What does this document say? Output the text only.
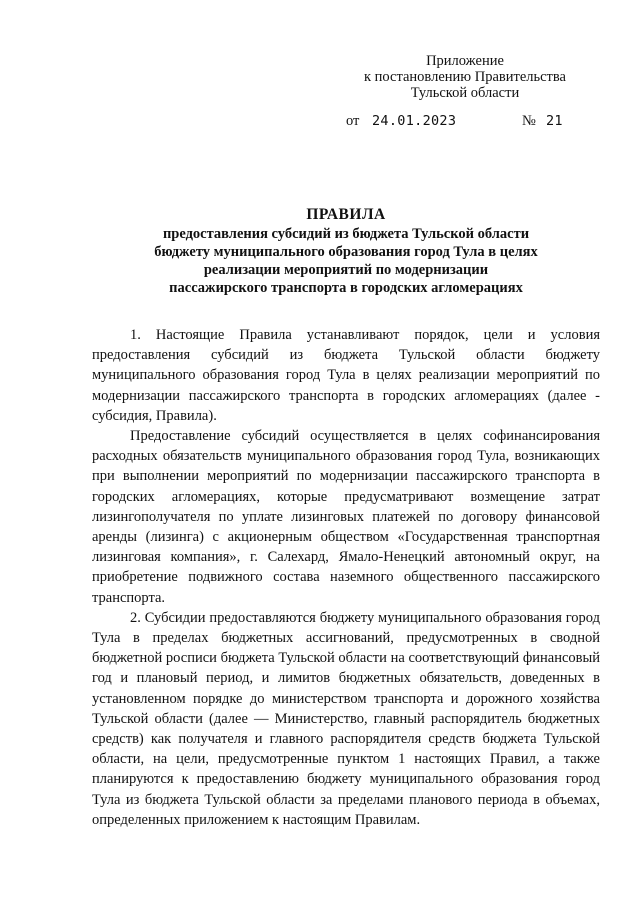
Приложение
к постановлению Правительства
Тульской области
от 24.01.2023	№ 21
ПРАВИЛА
предоставления субсидий из бюджета Тульской области
бюджету муниципального образования город Тула в целях
реализации мероприятий по модернизации
пассажирского транспорта в городских агломерациях

1. Настоящие Правила устанавливают порядок, цели и условия предоставления субсидий из бюджета Тульской области бюджету муниципального образования город Тула в целях реализации мероприятий по модернизации пассажирского транспорта в городских агломерациях (далее - субсидия, Правила).

Предоставление субсидий осуществляется в целях софинансирования расходных обязательств муниципального образования город Тула, возникающих при выполнении мероприятий по модернизации пассажирского транспорта в городских агломерациях, которые предусматривают возмещение затрат лизингополучателя по уплате лизинговых платежей по договору финансовой аренды (лизинга) с акционерным обществом «Государственная транспортная лизинговая компания», г. Салехард, Ямало-Ненецкий автономный округ, на приобретение подвижного состава наземного общественного пассажирского транспорта.

2. Субсидии предоставляются бюджету муниципального образования город Тула в пределах бюджетных ассигнований, предусмотренных в сводной бюджетной росписи бюджета Тульской области на соответствующий финансовый год и плановый период, и лимитов бюджетных обязательств, доведенных в установленном порядке до министерством транспорта и дорожного хозяйства Тульской области (далее — Министерство, главный распорядитель бюджетных средств) как получателя и главного распорядителя средств бюджета Тульской области, на цели, предусмотренные пунктом 1 настоящих Правил, а также планируются к предоставлению бюджету муниципального образования город Тула из бюджета Тульской области за пределами планового периода в объемах, определенных приложением к настоящим Правилам.
